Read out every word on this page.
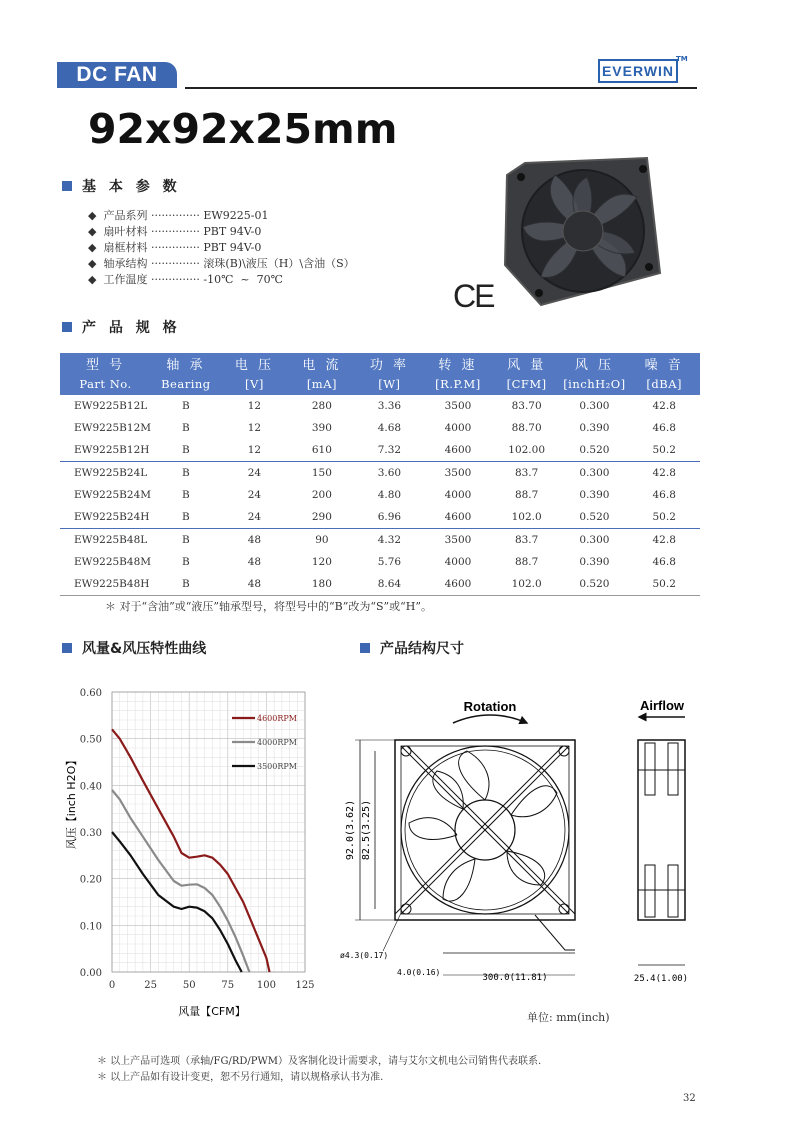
DC FAN	EVERWIN
TM
92x92x25mm
基 本 参 数
◆  产品系列 ·············· EW9225-01
◆  扇叶材料 ·············· PBT 94V-0
◆  扇框材料 ·············· PBT 94V-0
◆  轴承结构 ·············· 滚珠(B)\液压（H）\含油（S）
◆  工作温度 ·············· -10℃  ~  70℃	CE
产 品 规 格
型 号	轴 承	电 压	电 流	功 率	转 速	风 量	风 压	噪 音
Part No.	Bearing	[V]	[mA]	[W]	[R.P.M]	[CFM]	[inchH₂O]	[dBA]
EW9225B12L	B	12	280	3.36	3500	83.70	0.300	42.8
EW9225B12M	B	12	390	4.68	4000	88.70	0.390	46.8
EW9225B12H	B	12	610	7.32	4600	102.00	0.520	50.2
EW9225B24L	B	24	150	3.60	3500	83.7	0.300	42.8
EW9225B24M	B	24	200	4.80	4000	88.7	0.390	46.8
EW9225B24H	B	24	290	6.96	4600	102.0	0.520	50.2
EW9225B48L	B	48	90	4.32	3500	83.7	0.300	42.8
EW9225B48M	B	48	120	5.76	4000	88.7	0.390	46.8
EW9225B48H	B	48	180	8.64	4600	102.0	0.520	50.2
＊ 对于“含油”或“液压”轴承型号，将型号中的“B”改为“S”或“H”。
风量&风压特性曲线
0	25	50	75 100 125
0.00
0.10
0.20
0.30
0.40
0.50
0.60
4600RPM
4000RPM
3500RPM
风量【CFM】
风压【inch H2O】
产品结构尺寸
Rotation
92.0(3.62) 82.5(3.25)
ø4.3(0.17)
4.0(0.16)
300.0(11.81)
Airflow
25.4(1.00)
单位: mm(inch)
＊ 以上产品可选项（承轴/FG/RD/PWM）及客制化设计需要求，请与艾尔文机电公司销售代表联系.
＊ 以上产品如有设计变更，恕不另行通知，请以规格承认书为准.
32
